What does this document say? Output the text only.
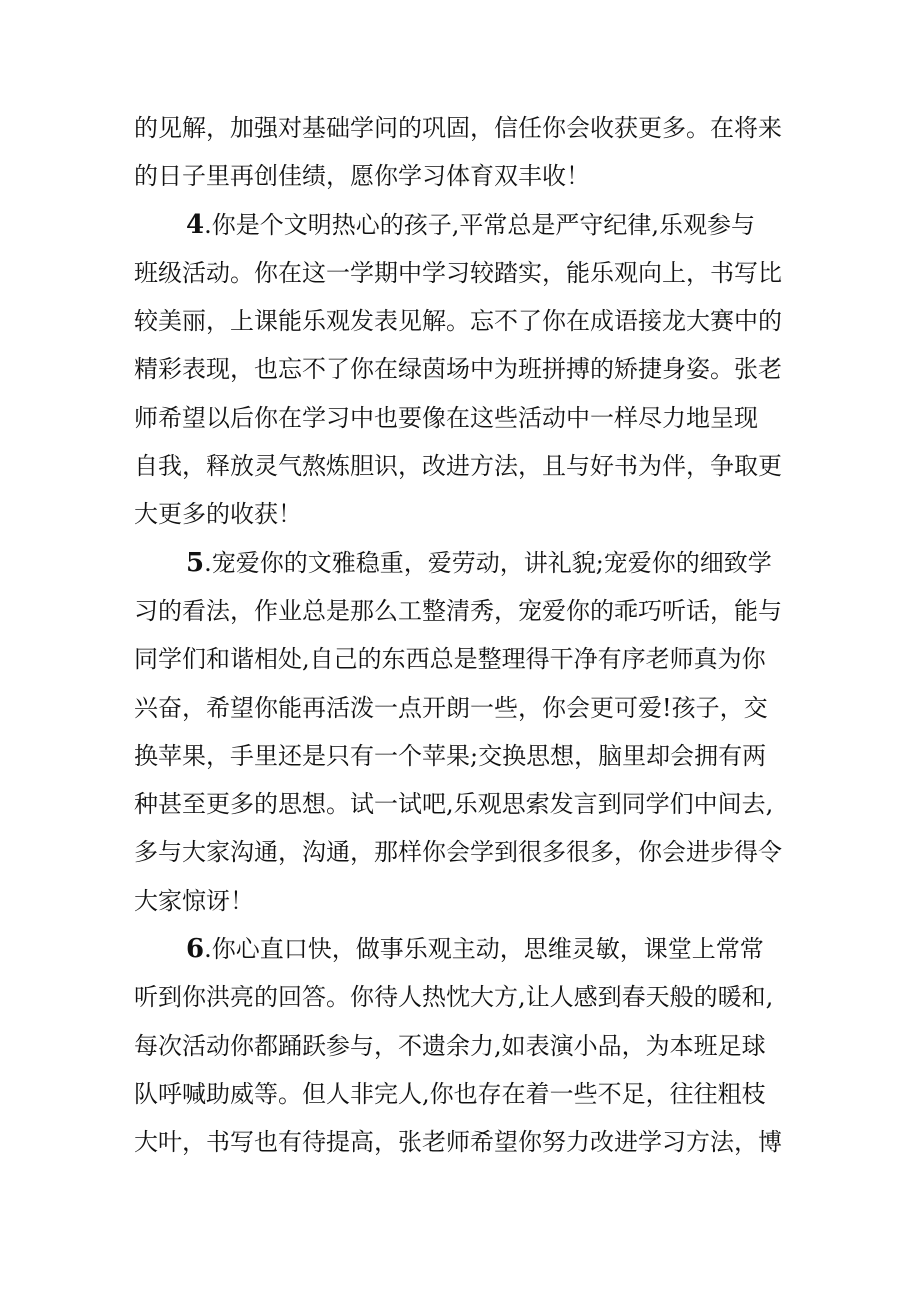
的见解，加强对基础学问的巩固，信任你会收获更多。在将来
的日子里再创佳绩，愿你学习体育双丰收！
4.你是个文明热心的孩子,平常总是严守纪律,乐观参与
班级活动。你在这一学期中学习较踏实，能乐观向上，书写比
较美丽，上课能乐观发表见解。忘不了你在成语接龙大赛中的
精彩表现，也忘不了你在绿茵场中为班拼搏的矫捷身姿。张老
师希望以后你在学习中也要像在这些活动中一样尽力地呈现
自我，释放灵气熬炼胆识，改进方法，且与好书为伴，争取更
大更多的收获！
5.宠爱你的文雅稳重，爱劳动，讲礼貌;宠爱你的细致学
习的看法，作业总是那么工整清秀，宠爱你的乖巧听话，能与
同学们和谐相处,自己的东西总是整理得干净有序老师真为你
兴奋，希望你能再活泼一点开朗一些，你会更可爱!孩子，交
换苹果，手里还是只有一个苹果;交换思想，脑里却会拥有两
种甚至更多的思想。试一试吧,乐观思索发言到同学们中间去,
多与大家沟通，沟通，那样你会学到很多很多，你会进步得令
大家惊讶！
6.你心直口快，做事乐观主动，思维灵敏，课堂上常常
听到你洪亮的回答。你待人热忱大方,让人感到春天般的暖和,
每次活动你都踊跃参与，不遗余力,如表演小品，为本班足球
队呼喊助威等。但人非完人,你也存在着一些不足，往往粗枝
大叶，书写也有待提高，张老师希望你努力改进学习方法，博
